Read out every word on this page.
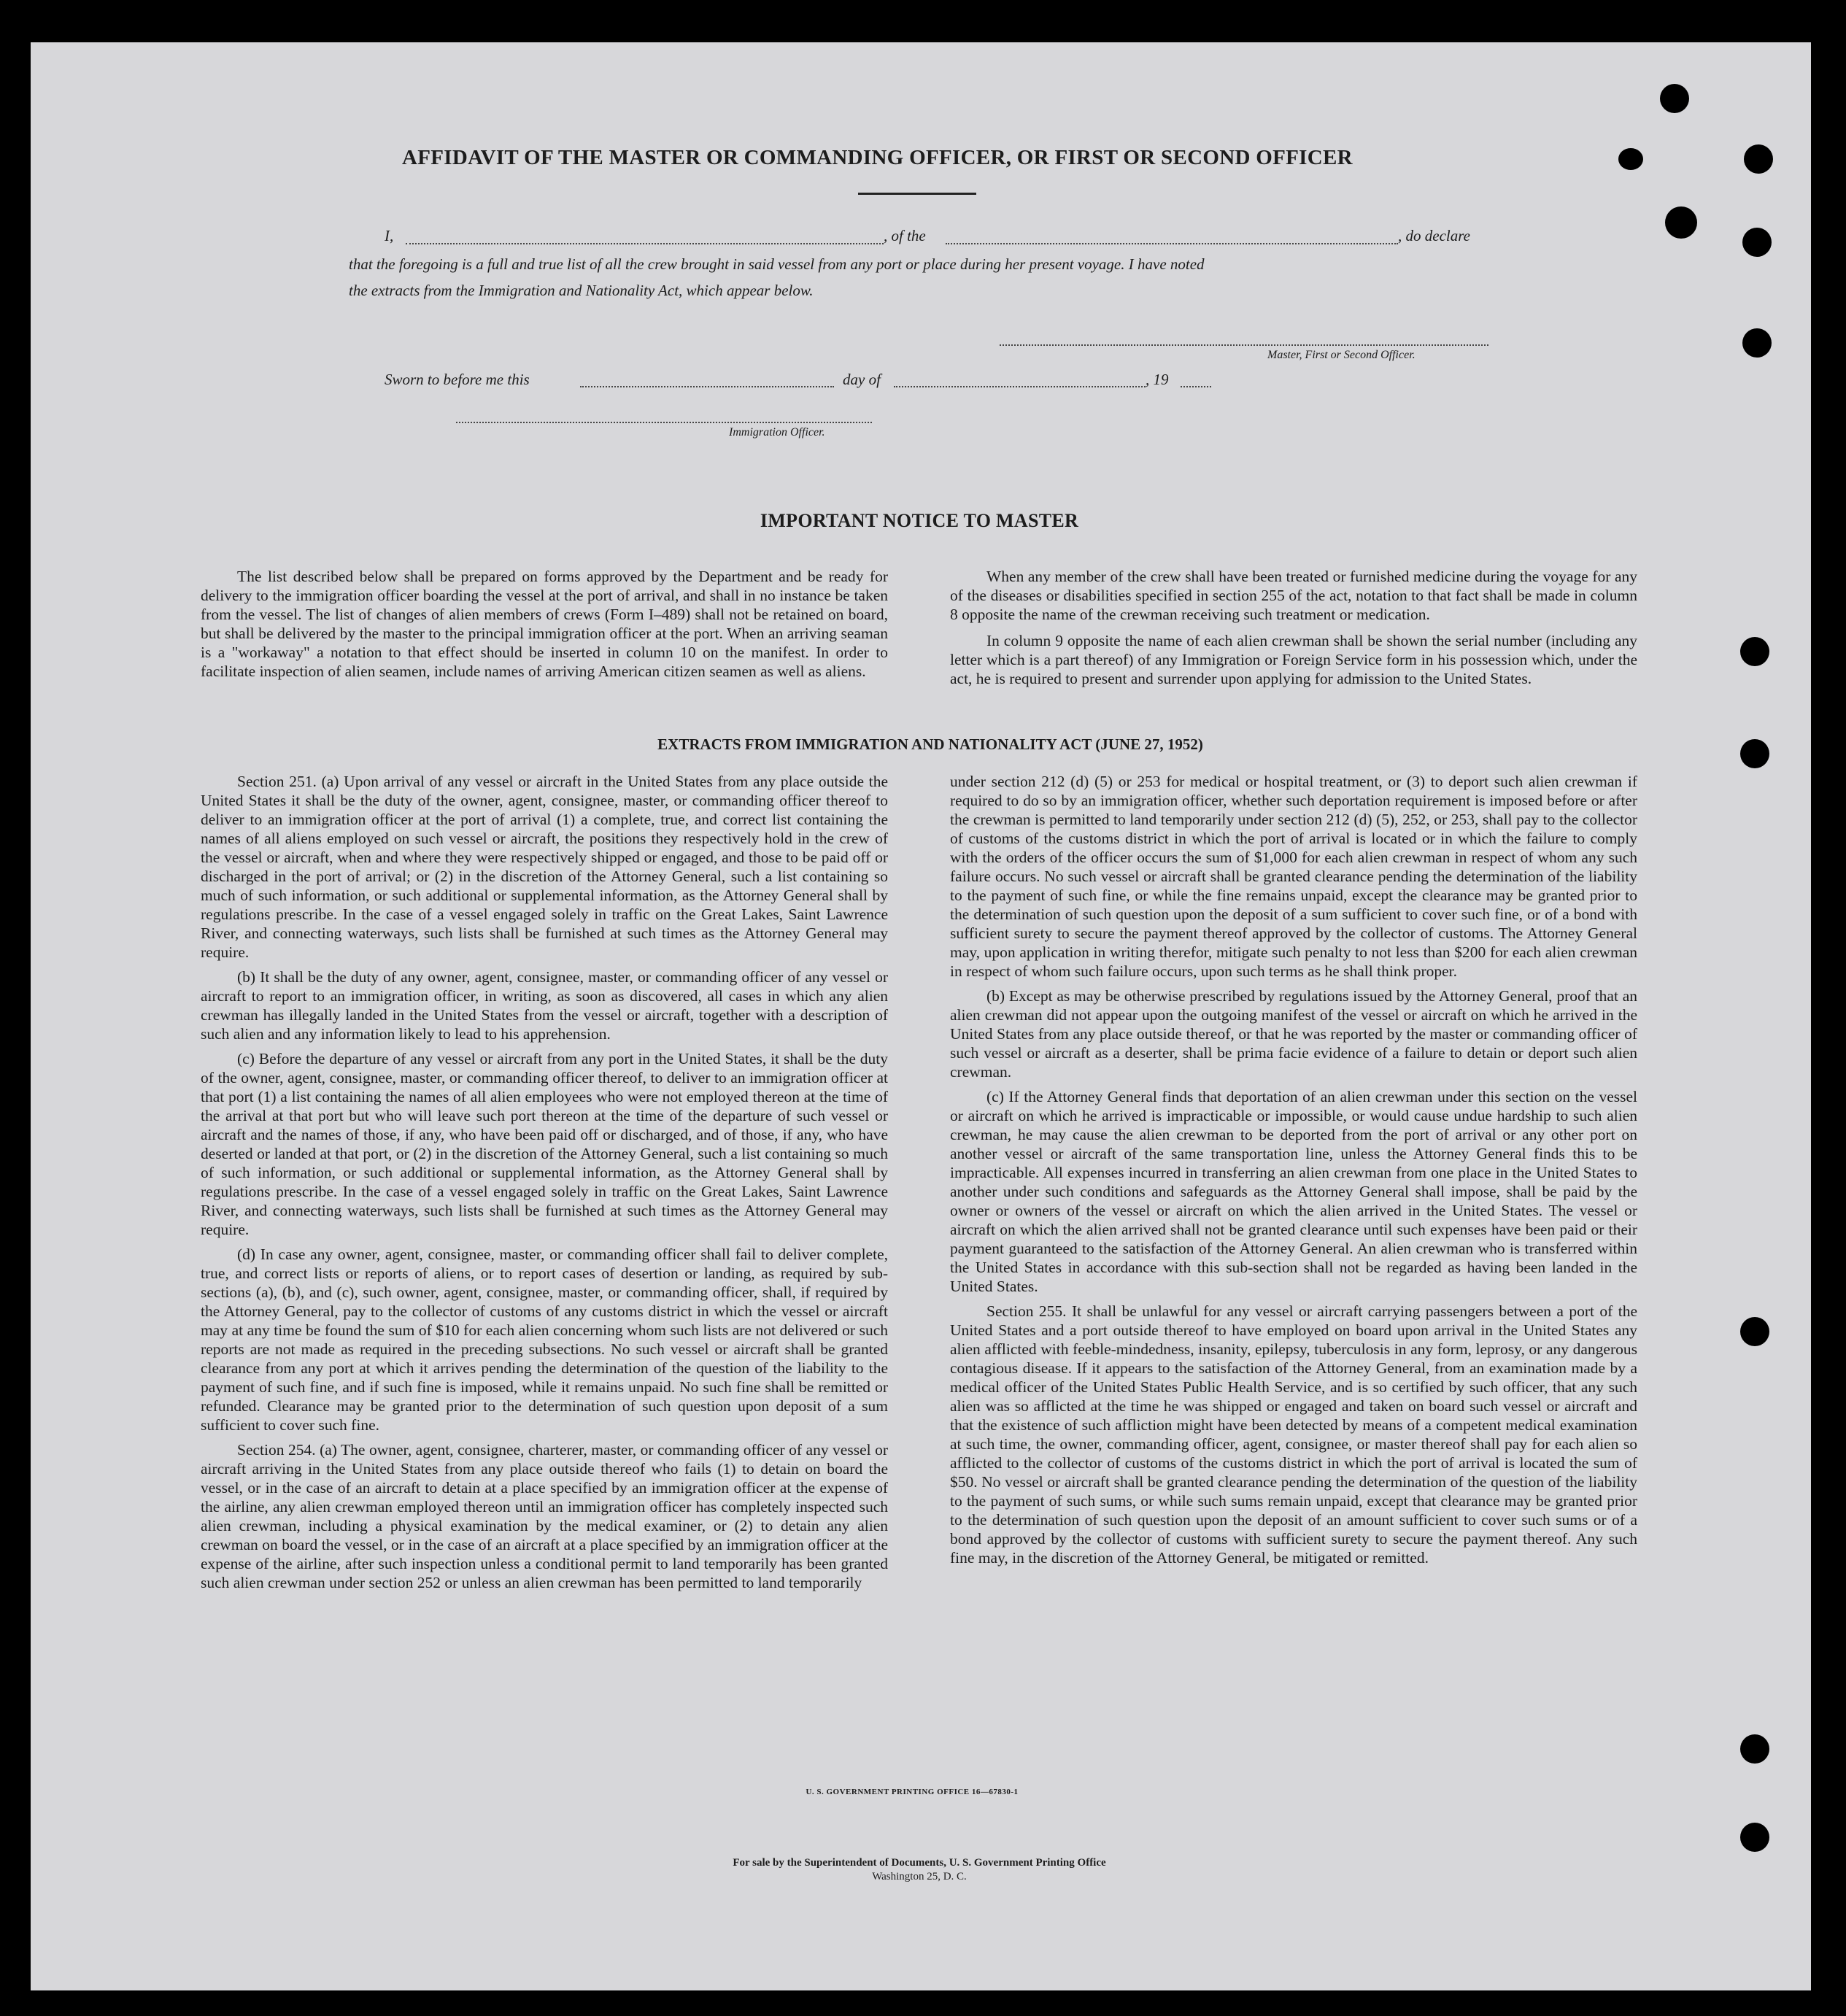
AFFIDAVIT OF THE MASTER OR COMMANDING OFFICER, OR FIRST OR SECOND OFFICER
I,	, of the	, do declare
that the foregoing is a full and true list of all the crew brought in said vessel from any port or place during her present voyage. I have noted
the extracts from the Immigration and Nationality Act, which appear below.
Master, First or Second Officer.
Sworn to before me this	day of	, 19
Immigration Officer.
IMPORTANT NOTICE TO MASTER

The list described below shall be prepared on forms approved by the Department and be ready for delivery to the immigration officer boarding the vessel at the port of arrival, and shall in no instance be taken from the vessel. The list of changes of alien members of crews (Form I–489) shall not be retained on board, but shall be delivered by the master to the principal immigration officer at the port. When an arriving seaman is a "workaway" a notation to that effect should be inserted in column 10 on the manifest. In order to facilitate inspection of alien seamen, include names of arriving American citizen seamen as well as aliens.

When any member of the crew shall have been treated or furnished medicine during the voyage for any of the diseases or disabilities specified in section 255 of the act, notation to that fact shall be made in column 8 opposite the name of the crewman receiving such treatment or medication.

In column 9 opposite the name of each alien crewman shall be shown the serial number (including any letter which is a part thereof) of any Immigration or Foreign Service form in his possession which, under the act, he is required to present and surrender upon applying for admission to the United States.

EXTRACTS FROM IMMIGRATION AND NATIONALITY ACT (JUNE 27, 1952)

Section 251. (a) Upon arrival of any vessel or aircraft in the United States from any place outside the United States it shall be the duty of the owner, agent, consignee, master, or commanding officer thereof to deliver to an immigration officer at the port of arrival (1) a complete, true, and correct list containing the names of all aliens employed on such vessel or aircraft, the positions they respectively hold in the crew of the vessel or aircraft, when and where they were respectively shipped or engaged, and those to be paid off or discharged in the port of arrival; or (2) in the discretion of the Attorney General, such a list containing so much of such information, or such additional or supplemental information, as the Attorney General shall by regulations prescribe. In the case of a vessel engaged solely in traffic on the Great Lakes, Saint Lawrence River, and connecting waterways, such lists shall be furnished at such times as the Attorney General may require.

(b) It shall be the duty of any owner, agent, consignee, master, or commanding officer of any vessel or aircraft to report to an immigration officer, in writing, as soon as discovered, all cases in which any alien crewman has illegally landed in the United States from the vessel or aircraft, together with a description of such alien and any information likely to lead to his apprehension.

(c) Before the departure of any vessel or aircraft from any port in the United States, it shall be the duty of the owner, agent, consignee, master, or commanding officer thereof, to deliver to an immigration officer at that port (1) a list containing the names of all alien employees who were not employed thereon at the time of the arrival at that port but who will leave such port thereon at the time of the departure of such vessel or aircraft and the names of those, if any, who have been paid off or discharged, and of those, if any, who have deserted or landed at that port, or (2) in the discretion of the Attorney General, such a list containing so much of such information, or such additional or supplemental information, as the Attorney General shall by regulations prescribe. In the case of a vessel engaged solely in traffic on the Great Lakes, Saint Lawrence River, and connecting waterways, such lists shall be furnished at such times as the Attorney General may require.

(d) In case any owner, agent, consignee, master, or commanding officer shall fail to deliver complete, true, and correct lists or reports of aliens, or to report cases of desertion or landing, as required by sub-sections (a), (b), and (c), such owner, agent, consignee, master, or commanding officer, shall, if required by the Attorney General, pay to the collector of customs of any customs district in which the vessel or aircraft may at any time be found the sum of $10 for each alien concerning whom such lists are not delivered or such reports are not made as required in the preceding subsections. No such vessel or aircraft shall be granted clearance from any port at which it arrives pending the determination of the question of the liability to the payment of such fine, and if such fine is imposed, while it remains unpaid. No such fine shall be remitted or refunded. Clearance may be granted prior to the determination of such question upon deposit of a sum sufficient to cover such fine.

Section 254. (a) The owner, agent, consignee, charterer, master, or commanding officer of any vessel or aircraft arriving in the United States from any place outside thereof who fails (1) to detain on board the vessel, or in the case of an aircraft to detain at a place specified by an immigration officer at the expense of the airline, any alien crewman employed thereon until an immigration officer has completely inspected such alien crewman, including a physical examination by the medical examiner, or (2) to detain any alien crewman on board the vessel, or in the case of an aircraft at a place specified by an immigration officer at the expense of the airline, after such inspection unless a conditional permit to land temporarily has been granted such alien crewman under section 252 or unless an alien crewman has been permitted to land temporarily

under section 212 (d) (5) or 253 for medical or hospital treatment, or (3) to deport such alien crewman if required to do so by an immigration officer, whether such deportation requirement is imposed before or after the crewman is permitted to land temporarily under section 212 (d) (5), 252, or 253, shall pay to the collector of customs of the customs district in which the port of arrival is located or in which the failure to comply with the orders of the officer occurs the sum of $1,000 for each alien crewman in respect of whom any such failure occurs. No such vessel or aircraft shall be granted clearance pending the determination of the liability to the payment of such fine, or while the fine remains unpaid, except the clearance may be granted prior to the determination of such question upon the deposit of a sum sufficient to cover such fine, or of a bond with sufficient surety to secure the payment thereof approved by the collector of customs. The Attorney General may, upon application in writing therefor, mitigate such penalty to not less than $200 for each alien crewman in respect of whom such failure occurs, upon such terms as he shall think proper.

(b) Except as may be otherwise prescribed by regulations issued by the Attorney General, proof that an alien crewman did not appear upon the outgoing manifest of the vessel or aircraft on which he arrived in the United States from any place outside thereof, or that he was reported by the master or commanding officer of such vessel or aircraft as a deserter, shall be prima facie evidence of a failure to detain or deport such alien crewman.

(c) If the Attorney General finds that deportation of an alien crewman under this section on the vessel or aircraft on which he arrived is impracticable or impossible, or would cause undue hardship to such alien crewman, he may cause the alien crewman to be deported from the port of arrival or any other port on another vessel or aircraft of the same transportation line, unless the Attorney General finds this to be impracticable. All expenses incurred in transferring an alien crewman from one place in the United States to another under such conditions and safeguards as the Attorney General shall impose, shall be paid by the owner or owners of the vessel or aircraft on which the alien arrived in the United States. The vessel or aircraft on which the alien arrived shall not be granted clearance until such expenses have been paid or their payment guaranteed to the satisfaction of the Attorney General. An alien crewman who is transferred within the United States in accordance with this sub-section shall not be regarded as having been landed in the United States.

Section 255. It shall be unlawful for any vessel or aircraft carrying passengers between a port of the United States and a port outside thereof to have employed on board upon arrival in the United States any alien afflicted with feeble-mindedness, insanity, epilepsy, tuberculosis in any form, leprosy, or any dangerous contagious disease. If it appears to the satisfaction of the Attorney General, from an examination made by a medical officer of the United States Public Health Service, and is so certified by such officer, that any such alien was so afflicted at the time he was shipped or engaged and taken on board such vessel or aircraft and that the existence of such affliction might have been detected by means of a competent medical examination at such time, the owner, commanding officer, agent, consignee, or master thereof shall pay for each alien so afflicted to the collector of customs of the customs district in which the port of arrival is located the sum of $50. No vessel or aircraft shall be granted clearance pending the determination of the question of the liability to the payment of such sums, or while such sums remain unpaid, except that clearance may be granted prior to the determination of such question upon the deposit of an amount sufficient to cover such sums or of a bond approved by the collector of customs with sufficient surety to secure the payment thereof. Any such fine may, in the discretion of the Attorney General, be mitigated or remitted.

U. S. GOVERNMENT PRINTING OFFICE 16—67830-1
For sale by the Superintendent of Documents, U. S. Government Printing Office
Washington 25, D. C.
